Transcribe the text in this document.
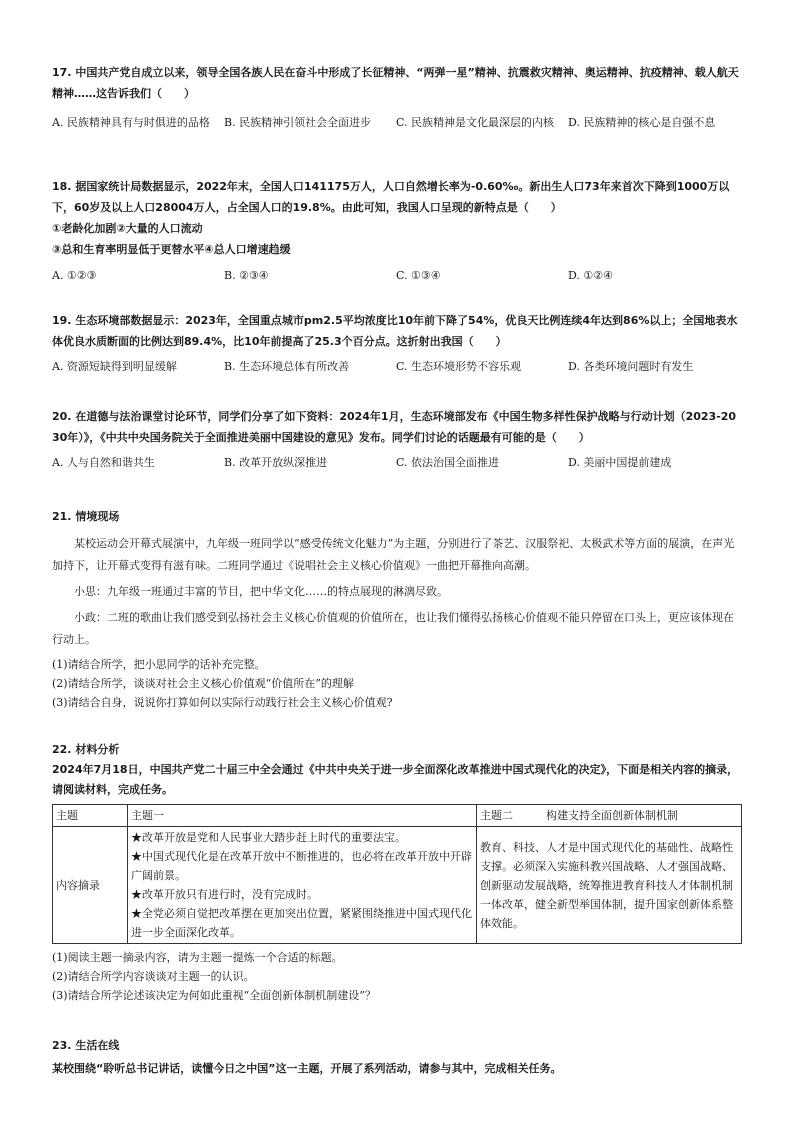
17. 中国共产党自成立以来，领导全国各族人民在奋斗中形成了长征精神、“两弹一星”精神、抗震救灾精神、奥运精神、抗疫精神、载人航天精神……这告诉我们（　　）

A. 民族精神具有与时俱进的品格	B. 民族精神引领社会全面进步	C. 民族精神是文化最深层的内核	D. 民族精神的核心是自强不息

18. 据国家统计局数据显示，2022年末，全国人口141175万人，人口自然增长率为-0.60‰。新出生人口73年来首次下降到1000万以下，60岁及以上人口28004万人，占全国人口的19.8%。由此可知，我国人口呈现的新特点是（　　）

①老龄化加剧②大量的人口流动

③总和生育率明显低于更替水平④总人口增速趋缓

A. ①②③	B. ②③④	C. ①③④	D. ①②④

19. 生态环境部数据显示：2023年，全国重点城市pm2.5平均浓度比10年前下降了54%，优良天比例连续4年达到86%以上；全国地表水体优良水质断面的比例达到89.4%，比10年前提高了25.3个百分点。这折射出我国（　　）

A. 资源短缺得到明显缓解	B. 生态环境总体有所改善	C. 生态环境形势不容乐观	D. 各类环境问题时有发生

20. 在道德与法治课堂讨论环节，同学们分享了如下资料：2024年1月，生态环境部发布《中国生物多样性保护战略与行动计划（2023-2030年）》，《中共中央国务院关于全面推进美丽中国建设的意见》发布。同学们讨论的话题最有可能的是（　　）

A. 人与自然和谐共生	B. 改革开放纵深推进	C. 依法治国全面推进	D. 美丽中国提前建成

21. 情境现场

某校运动会开幕式展演中，九年级一班同学以“感受传统文化魅力”为主题，分别进行了茶艺、汉服祭祀、太极武术等方面的展演，在声光加持下，让开幕式变得有滋有味。二班同学通过《说唱社会主义核心价值观》一曲把开幕推向高潮。

小思：九年级一班通过丰富的节目，把中华文化……的特点展现的淋漓尽致。

小政：二班的歌曲让我们感受到弘扬社会主义核心价值观的价值所在，也让我们懂得弘扬核心价值观不能只停留在口头上，更应该体现在行动上。

(1)请结合所学，把小思同学的话补充完整。

(2)请结合所学，谈谈对社会主义核心价值观“价值所在”的理解

(3)请结合自身，说说你打算如何以实际行动践行社会主义核心价值观?

22. 材料分析

2024年7月18日，中国共产党二十届三中全会通过《中共中央关于进一步全面深化改革推进中国式现代化的决定》，下面是相关内容的摘录，请阅读材料，完成任务。

主题	主题一	主题二　　　构建支持全面创新体制机制
内容摘录	★改革开放是党和人民事业大踏步赶上时代的重要法宝。
★中国式现代化是在改革开放中不断推进的，也必将在改革开放中开辟广阔前景。
★改革开放只有进行时，没有完成时。
★全党必须自觉把改革摆在更加突出位置，紧紧围绕推进中国式现代化进一步全面深化改革。	教育、科技、人才是中国式现代化的基础性、战略性支撑。必须深入实施科教兴国战略、人才强国战略、创新驱动发展战略，统筹推进教育科技人才体制机制一体改革，健全新型举国体制，提升国家创新体系整体效能。

(1)阅读主题一摘录内容，请为主题一提炼一个合适的标题。

(2)请结合所学内容谈谈对主题一的认识。

(3)请结合所学论述该决定为何如此重视“全面创新体制机制建设”？

23. 生活在线

某校围绕“聆听总书记讲话，读懂今日之中国”这一主题，开展了系列活动，请参与其中，完成相关任务。
